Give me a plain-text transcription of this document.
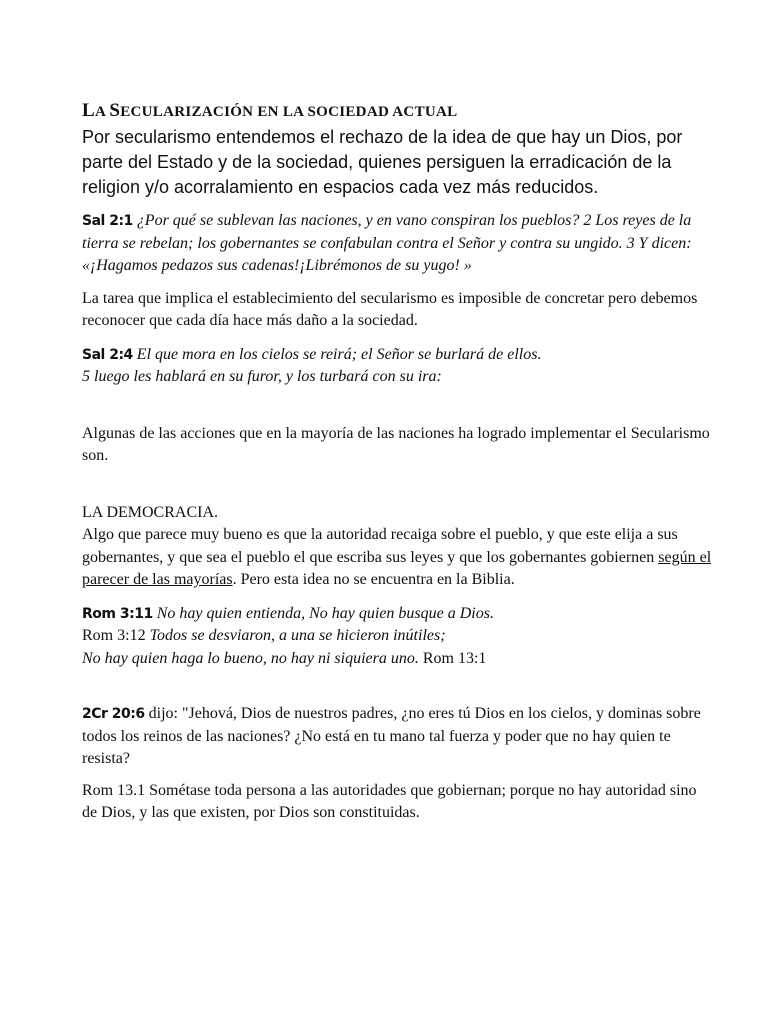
LA SECULARIZACIÓN EN LA SOCIEDAD ACTUAL

Por secularismo entendemos el rechazo de la idea de que hay un Dios, por parte del Estado y de la sociedad, quienes persiguen la erradicación de la religion y/o acorralamiento en espacios cada vez más reducidos.

Sal 2:1 ¿Por qué se sublevan las naciones, y en vano conspiran los pueblos? 2 Los reyes de la tierra se rebelan; los gobernantes se confabulan contra el Señor y contra su ungido. 3 Y dicen: «¡Hagamos pedazos sus cadenas!¡Librémonos de su yugo! »

La tarea que implica el establecimiento del secularismo es imposible de concretar pero debemos reconocer que cada día hace más daño a la sociedad.

Sal 2:4 El que mora en los cielos se reirá; el Señor se burlará de ellos.
5 luego les hablará en su furor, y los turbará con su ira:

Algunas de las acciones que en la mayoría de las naciones ha logrado implementar el Secularismo son.

LA DEMOCRACIA.

Algo que parece muy bueno es que la autoridad recaiga sobre el pueblo, y que este elija a sus gobernantes, y que sea el pueblo el que escriba sus leyes y que los gobernantes gobiernen según el parecer de las mayorías. Pero esta idea no se encuentra en la Biblia.

Rom 3:11 No hay quien entienda, No hay quien busque a Dios.
Rom 3:12 Todos se desviaron, a una se hicieron inútiles;
No hay quien haga lo bueno, no hay ni siquiera uno. Rom 13:1

2Cr 20:6 dijo: "Jehová, Dios de nuestros padres, ¿no eres tú Dios en los cielos, y dominas sobre todos los reinos de las naciones? ¿No está en tu mano tal fuerza y poder que no hay quien te resista?

Rom 13.1 Sométase toda persona a las autoridades que gobiernan; porque no hay autoridad sino de Dios, y las que existen, por Dios son constituidas.
